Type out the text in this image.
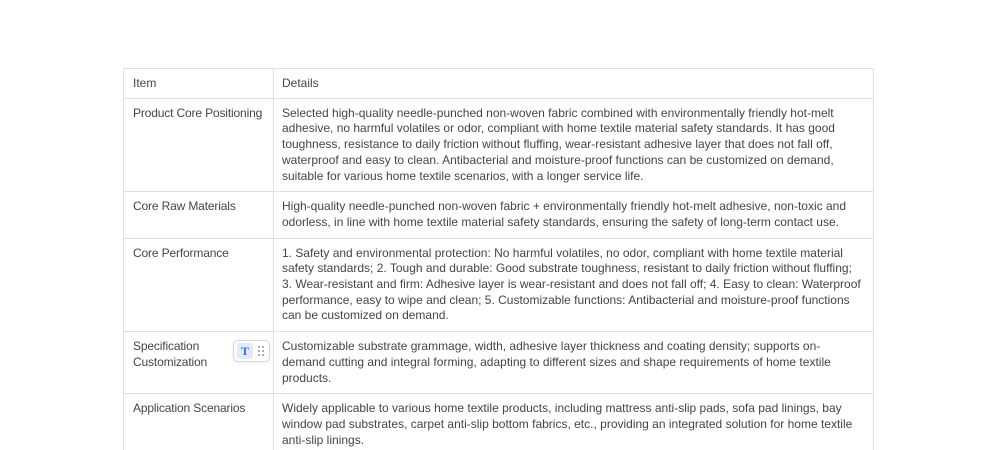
Item	Details
Product Core Positioning	Selected high-quality needle-punched non-woven fabric combined with environmentally friendly hot-melt adhesive, no harmful volatiles or odor, compliant with home textile material safety standards. It has good toughness, resistance to daily friction without fluffing, wear-resistant adhesive layer that does not fall off, waterproof and easy to clean. Antibacterial and moisture-proof functions can be customized on demand, suitable for various home textile scenarios, with a longer service life.
Core Raw Materials	High-quality needle-punched non-woven fabric + environmentally friendly hot-melt adhesive, non-toxic and odorless, in line with home textile material safety standards, ensuring the safety of long-term contact use.
Core Performance	1. Safety and environmental protection: No harmful volatiles, no odor, compliant with home textile material safety standards; 2. Tough and durable: Good substrate toughness, resistant to daily friction without fluffing; 3. Wear-resistant and firm: Adhesive layer is wear-resistant and does not fall off; 4. Easy to clean: Waterproof performance, easy to wipe and clean; 5. Customizable functions: Antibacterial and moisture-proof functions can be customized on demand.
Specification Customization	Customizable substrate grammage, width, adhesive layer thickness and coating density; supports on-demand cutting and integral forming, adapting to different sizes and shape requirements of home textile products.
Application Scenarios	Widely applicable to various home textile products, including mattress anti-slip pads, sofa pad linings, bay window pad substrates, carpet anti-slip bottom fabrics, etc., providing an integrated solution for home textile anti-slip linings.
T
